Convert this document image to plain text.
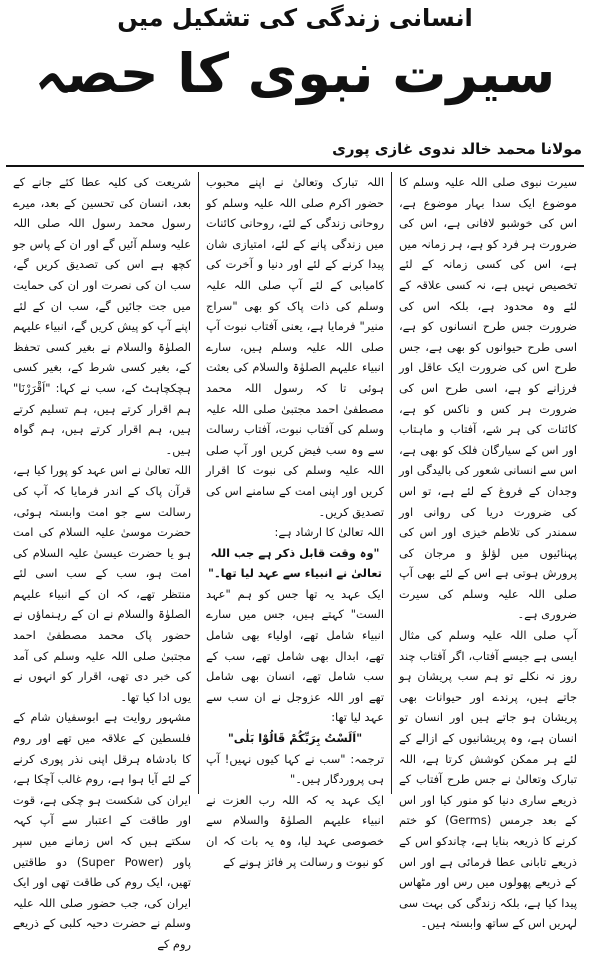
انسانی زندگی کی تشکیل میں
سیرت نبوی کا حصہ
مولانا محمد خالد ندوی غازی پوری

سیرت نبوی صلی اللہ علیہ وسلم کا موضوع ایک سدا بہار موضوع ہے، اس کی خوشبو لافانی ہے، اس کی ضرورت ہر فرد کو ہے، ہر زمانہ میں ہے، اس کی کسی زمانہ کے لئے تخصیص نہیں ہے، نہ کسی علاقہ کے لئے وہ محدود ہے، بلکہ اس کی ضرورت جس طرح انسانوں کو ہے، اسی طرح حیوانوں کو بھی ہے، جس طرح اس کی ضرورت ایک عاقل اور فرزانے کو ہے، اسی طرح اس کی ضرورت ہر کس و ناکس کو ہے، کائنات کی ہر شے، آفتاب و ماہتاب اور اس کے سیارگان فلک کو بھی ہے، اس سے انسانی شعور کی بالیدگی اور وجدان کے فروغ کے لئے ہے، تو اس کی ضرورت دریا کی روانی اور سمندر کی تلاطم خیزی اور اس کی پہنائیوں میں لؤلؤ و مرجان کی پرورش ہوتی ہے اس کے لئے بھی آپ صلی اللہ علیہ وسلم کی سیرت ضروری ہے۔

آپ صلی اللہ علیہ وسلم کی مثال ایسی ہے جیسے آفتاب، اگر آفتاب چند روز نہ نکلے تو ہم سب پریشان ہو جاتے ہیں، پرندے اور حیوانات بھی پریشان ہو جاتے ہیں اور انسان تو انسان ہے، وہ پریشانیوں کے ازالے کے لئے ہر ممکن کوشش کرتا ہے، اللہ تبارک وتعالیٰ نے جس طرح آفتاب کے ذریعے ساری دنیا کو منور کیا اور اس کے بعد جرمس (Germs) کو ختم کرنے کا ذریعہ بنایا ہے، چاندکو اس کے ذریعے تابانی عطا فرمائی ہے اور اس کے ذریعے پھولوں میں رس اور مٹھاس پیدا کیا ہے، بلکہ زندگی کی بہت سی لہریں اس کے ساتھ وابستہ ہیں۔

اللہ تبارک وتعالیٰ نے اپنے محبوب حضور اکرم صلی اللہ علیہ وسلم کو روحانی زندگی کے لئے، روحانی کائنات میں زندگی پانے کے لئے، امتیازی شان پیدا کرنے کے لئے اور دنیا و آخرت کی کامیابی کے لئے آپ صلی اللہ علیہ وسلم کی ذات پاک کو بھی "سراج منیر" فرمایا ہے، یعنی آفتاب نبوت آپ صلی اللہ علیہ وسلم ہیں، سارے انبیاء علیہم الصلوٰۃ والسلام کی بعثت ہوئی تا کہ رسول اللہ محمد مصطفیٰ احمد مجتبیٰ صلی اللہ علیہ وسلم کی آفتاب نبوت، آفتاب رسالت سے وہ سب فیض کریں اور آپ صلی اللہ علیہ وسلم کی نبوت کا اقرار کریں اور اپنی امت کے سامنے اس کی تصدیق کریں۔

اللہ تعالیٰ کا ارشاد ہے:

"وہ وقت قابل ذکر ہے جب اللہ تعالیٰ نے انبیاء سے عہد لیا تھا۔"

ایک عہد یہ تھا جس کو ہم "عہد الست" کہتے ہیں، جس میں سارے انبیاء شامل تھے، اولیاء بھی شامل تھے، ابدال بھی شامل تھے، سب کے سب شامل تھے، انسان بھی شامل تھے اور اللہ عزوجل نے ان سب سے عہد لیا تھا:

"اَلَسْتُ بِرَبِّکُمْ قَالُوْا بَلٰی"

ترجمہ: "سب نے کہا کیوں نہیں! آپ ہی پروردگار ہیں۔"

ایک عہد یہ کہ اللہ رب العزت نے انبیاء علیہم الصلوٰۃ والسلام سے خصوصی عہد لیا، وہ یہ بات کہ ان کو نبوت و رسالت پر فائز ہونے کے

شریعت کی کلیہ عطا کئے جانے کے بعد، انسان کی تحسین کے بعد، میرے رسول محمد رسول اللہ صلی اللہ علیہ وسلم آئیں گے اور ان کے پاس جو کچھ ہے اس کی تصدیق کریں گے، سب ان کی نصرت اور ان کی حمایت میں جت جائیں گے، سب ان کے لئے اپنے آپ کو پیش کریں گے، انبیاء علیہم الصلوٰۃ والسلام نے بغیر کسی تحفظ کے، بغیر کسی شرط کے، بغیر کسی ہچکچاہٹ کے، سب نے کہا: "اَقْرَرْنَا" ہم اقرار کرتے ہیں، ہم تسلیم کرتے ہیں، ہم اقرار کرتے ہیں، ہم گواہ ہیں۔

اللہ تعالیٰ نے اس عہد کو پورا کیا ہے، قرآن پاک کے اندر فرمایا کہ آپ کی رسالت سے جو امت وابستہ ہوئی، حضرت موسیٰ علیہ السلام کی امت ہو یا حضرت عیسیٰ علیہ السلام کی امت ہو، سب کے سب اسی لئے منتظر تھے، کہ ان کے انبیاء علیہم الصلوٰۃ والسلام نے ان کے رہنماؤں نے حضور پاک محمد مصطفیٰ احمد مجتبیٰ صلی اللہ علیہ وسلم کی آمد کی خبر دی تھی، اقرار کو انہوں نے یوں ادا کیا تھا۔

مشہور روایت ہے ابوسفیان شام کے فلسطین کے علاقہ میں تھے اور روم کا بادشاہ ہرقل اپنی نذر پوری کرنے کے لئے آیا ہوا ہے، روم غالب آچکا ہے، ایران کی شکست ہو چکی ہے، قوت اور طاقت کے اعتبار سے آپ کہہ سکتے ہیں کہ اس زمانے میں سپر پاور (Super Power) دو طاقتیں تھیں، ایک روم کی طاقت تھی اور ایک ایران کی، جب حضور صلی اللہ علیہ وسلم نے حضرت دحیہ کلبی کے ذریعے روم کے
